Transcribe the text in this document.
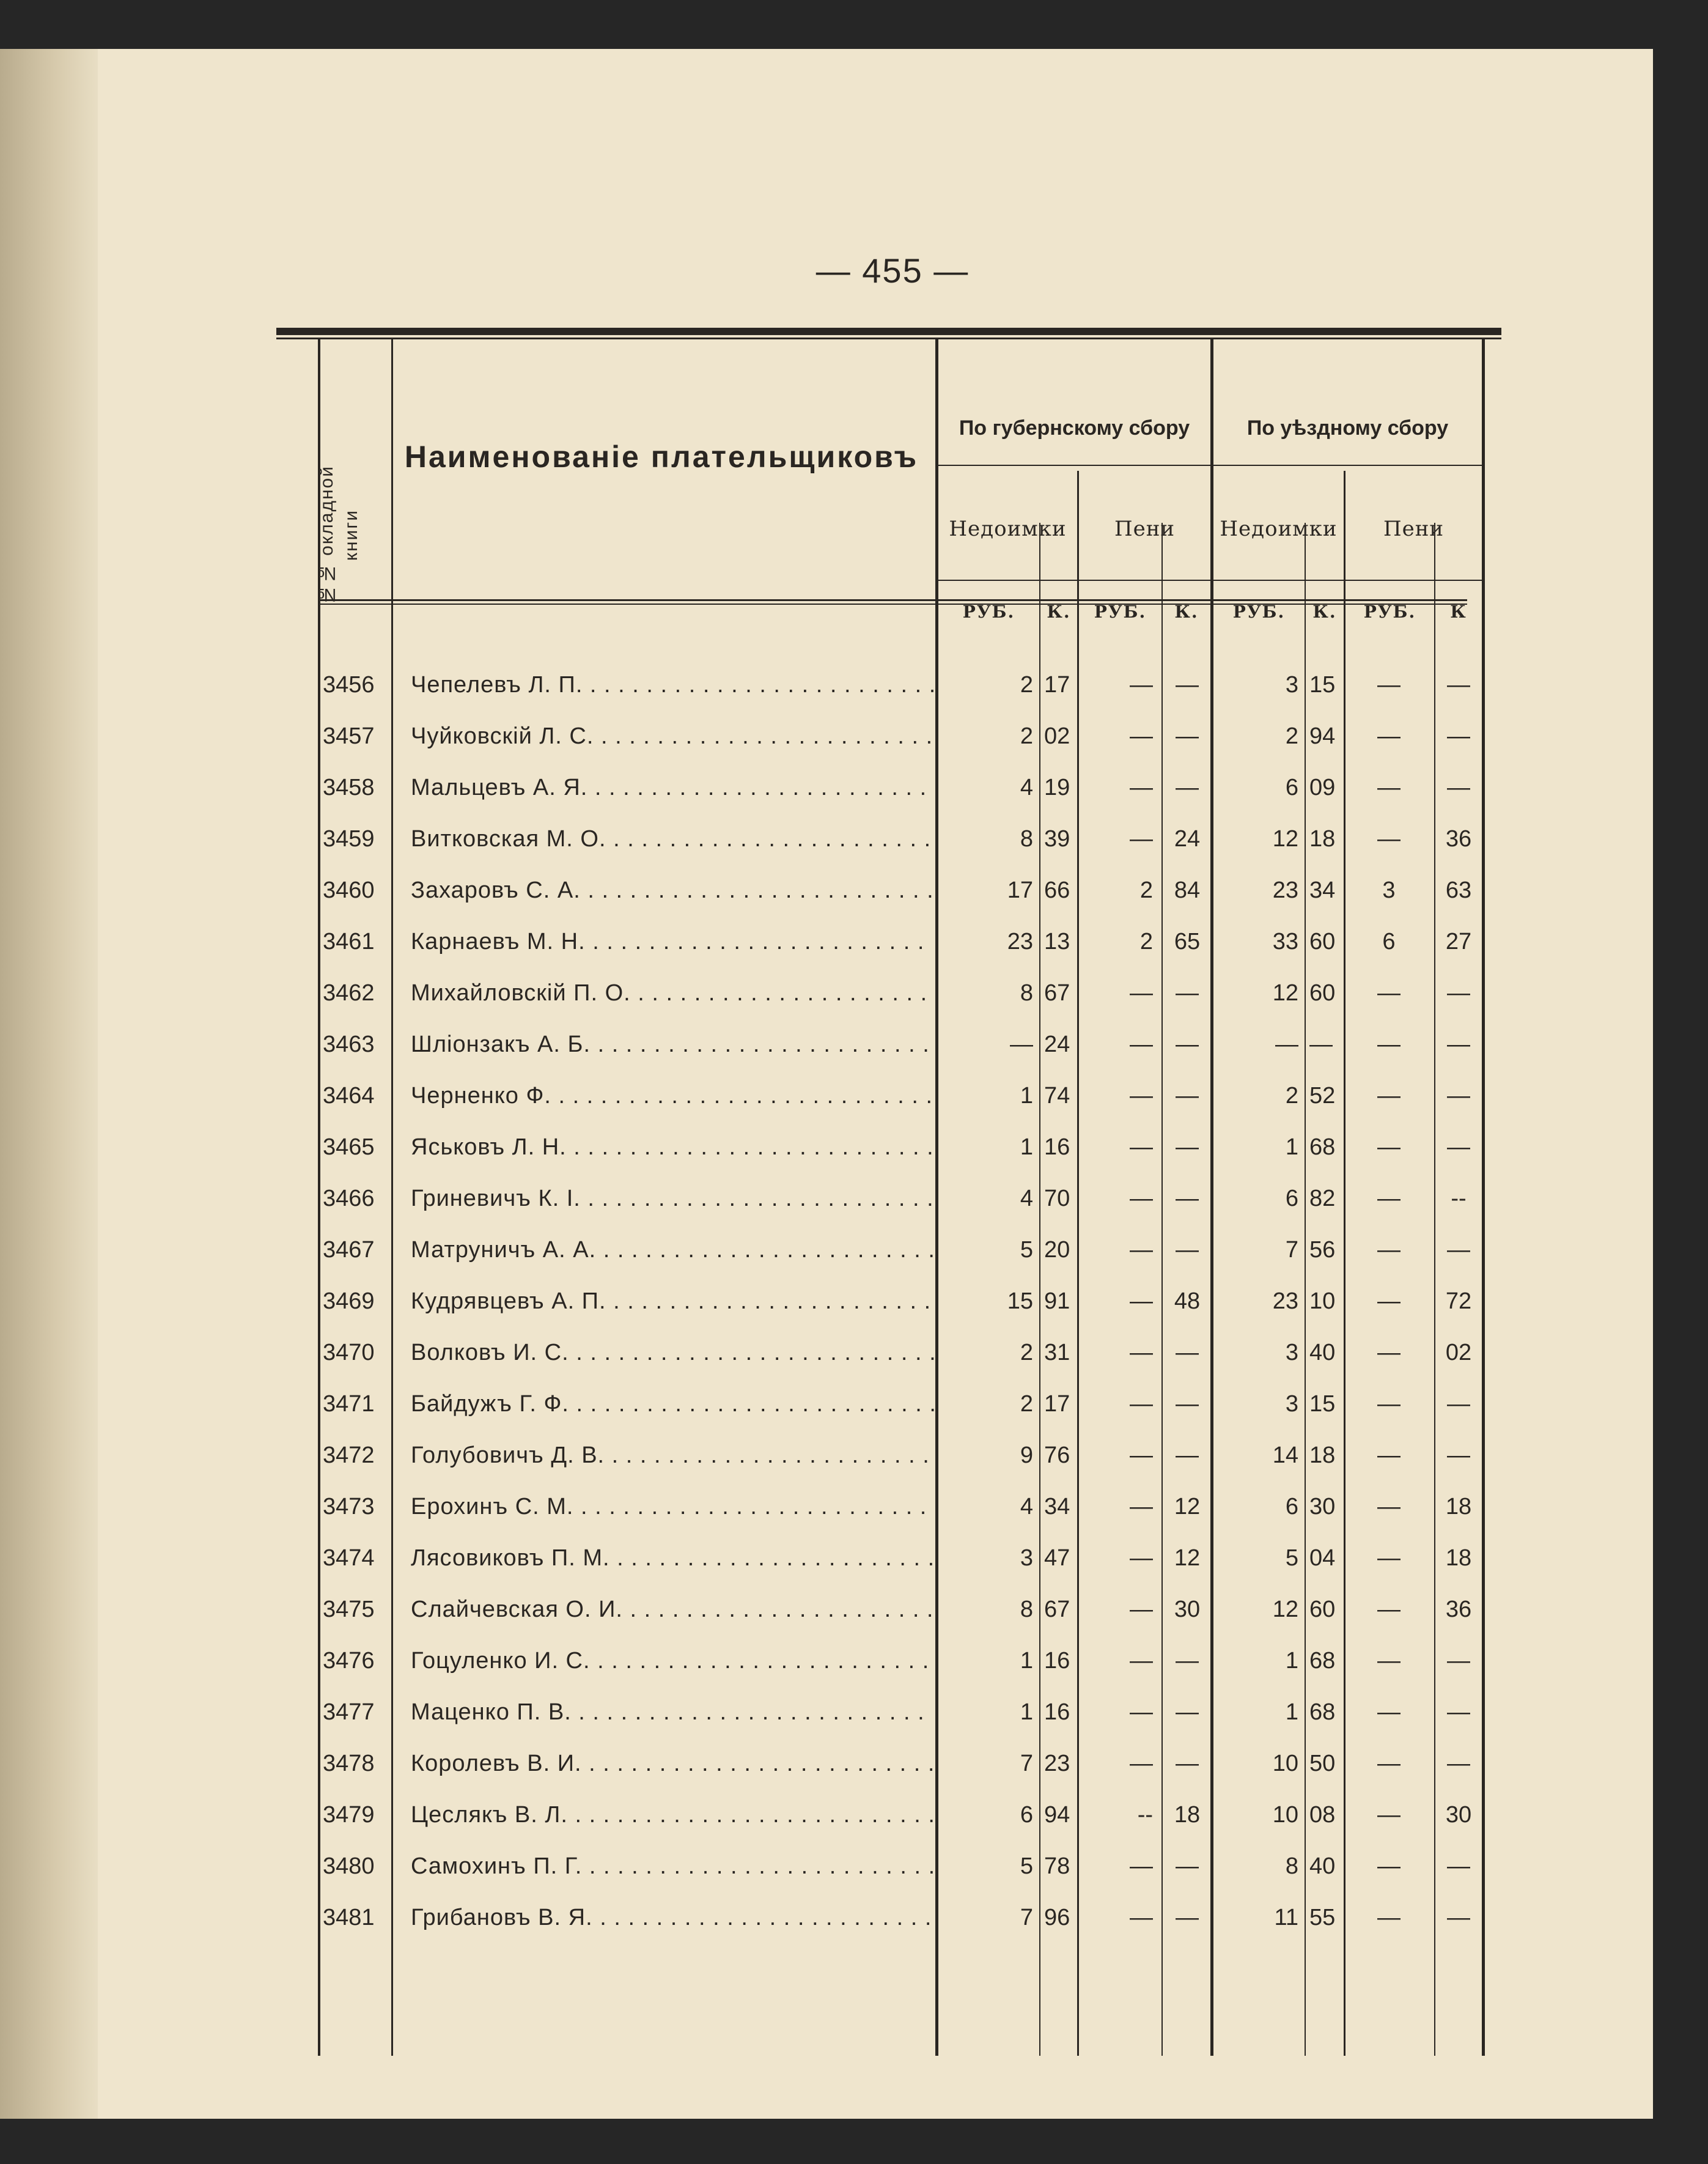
— 455 —
№№ окладной книги
Наименованіе плательщиковъ
По губернскому сбору	По уѣздному сбору
Недоимки	Пени	Недоимки	Пени
РУБ.	К.	РУБ.	К.	РУБ.	К.	РУБ.	К
3456	Чепелевъ Л. П. . . .	2 17	— —	3 15	—	—
3457	Чуйковскій Л. С. . . .	2 02	— —	2 94	—	—
3458	Мальцевъ А. Я. . . .	4 19	— —	6 09	—	—
3459	Витковская М. О. . . .	8 39	— 24	12 18	—	36
3460	Захаровъ С. А. . . .	17 66	2 84	23 34	3	63
3461	Карнаевъ М. Н. . . .	23 13	2 65	33 60	6	27
3462	Михайловскій П. О. . . .	8 67	— —	12 60	—	—
3463	Шліонзакъ А. Б. . . .	— 24	— —	— —	—	—
3464	Черненко Ф. . . .	1 74	— —	2 52	—	—
3465	Яськовъ Л. Н. . . .	1 16	— —	1 68	—	—
3466	Гриневичъ К. I. . . .	4 70	— —	6 82	—	--
3467	Матруничъ А. А. . . .	5 20	— —	7 56	—	—
3469	Кудрявцевъ А. П. . . .	15 91	— 48	23 10	—	72
3470	Волковъ И. С. . . .	2 31	— —	3 40	—	02
3471	Байдужъ Г. Ф. . . .	2 17	— —	3 15	—	—
3472	Голубовичъ Д. В. . . .	9 76	— —	14 18	—	—
3473	Ерохинъ С. М. . . .	4 34	— 12	6 30	—	18
3474	Лясовиковъ П. М. . . .	3 47	— 12	5 04	—	18
3475	Слайчевская О. И. . . .	8 67	— 30	12 60	—	36
3476	Гоцуленко И. С. . . .	1 16	— —	1 68	—	—
3477	Маценко П. В. . . .	1 16	— —	1 68	—	—
3478	Королевъ В. И. . . .	7 23	— —	10 50	—	—
3479	Цеслякъ В. Л. . . .	6 94	-- 18	10 08	—	30
3480	Самохинъ П. Г. . . .	5 78	— —	8 40	—	—
3481	Грибановъ В. Я. . . .	7 96	— —	11 55	—	—
